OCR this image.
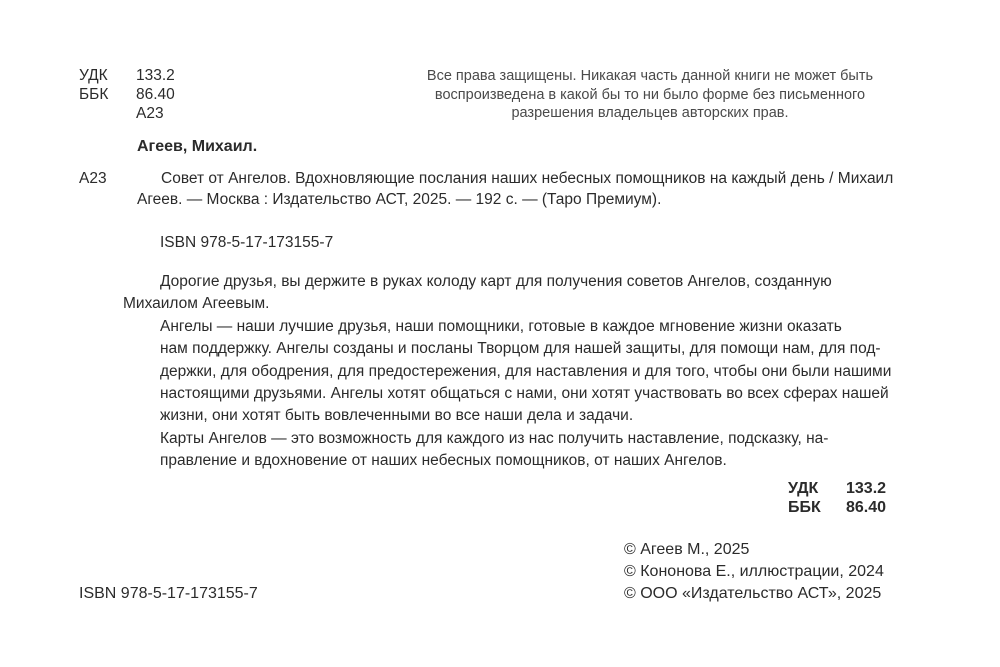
УДК 133.2
ББК 86.40
А23
Все права защищены. Никакая часть данной книги не может быть
воспроизведена в какой бы то ни было форме без письменного
разрешения владельцев авторских прав.
Агеев, Михаил.
А23	Совет от Ангелов. Вдохновляющие послания наших небесных помощников на каждый день / Михаил
Агеев. — Москва : Издательство АСТ, 2025. — 192 с. — (Таро Премиум).
ISBN 978-5-17-173155-7
Дорогие друзья, вы держите в руках колоду карт для получения советов Ангелов, созданную
Михаилом Агеевым.
Ангелы — наши лучшие друзья, наши помощники, готовые в каждое мгновение жизни оказать
нам поддержку. Ангелы созданы и посланы Творцом для нашей защиты, для помощи нам, для под-
держки, для ободрения, для предостережения, для наставления и для того, чтобы они были нашими
настоящими друзьями. Ангелы хотят общаться с нами, они хотят участвовать во всех сферах нашей
жизни, они хотят быть вовлеченными во все наши дела и задачи.
Карты Ангелов — это возможность для каждого из нас получить наставление, подсказку, на-
правление и вдохновение от наших небесных помощников, от наших Ангелов.
УДК 133.2
ББК 86.40
© Агеев М., 2025
© Кононова Е., иллюстрации, 2024
© ООО «Издательство АСТ», 2025
ISBN 978-5-17-173155-7
